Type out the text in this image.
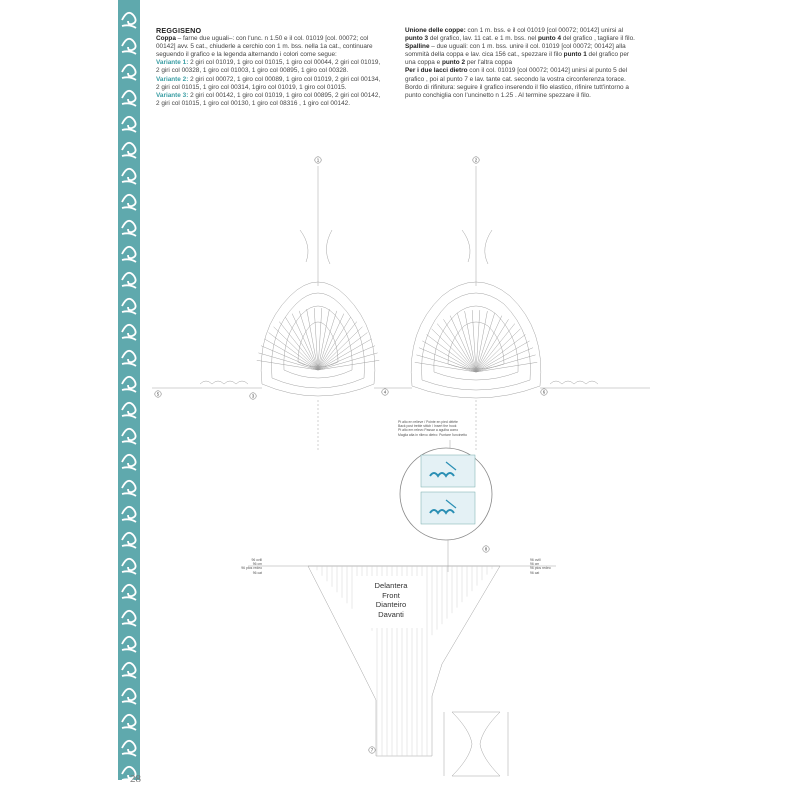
REGGISENO
Coppa – farne due uguali–: con l'unc. n 1.50 e il col. 01019 [col. 00072; col 00142] avv. 5 cat., chiuderle a cerchio con 1 m. bss. nella 1a cat., continuare seguendo il grafico e la legenda alternando i colori come segue:
Variante 1: 2 giri col 01019, 1 giro col 01015, 1 giro col 00044, 2 giri col 01019, 2 giri col 00328, 1 giro col 01003, 1 giro col 00895, 1 giro col 00328.
Variante 2: 2 giri col 00072, 1 giro col 00089, 1 giro col 01019, 2 giri col 00134, 2 giri col 01015, 1 giro col 00314, 1giro col 01019, 1 giro col 01015.
Variante 3: 2 giri col 00142, 1 giro col 01019, 1 giro col 00895, 2 giri col 00142, 2 giri col 01015, 1 giro col 00130, 1 giro col 08316 , 1 giro col 00142.
Unione delle coppe: con 1 m. bss. e il col 01019 [col 00072; 00142] unirsi al punto 3 del grafico, lav. 11 cat. e 1 m. bss. nel punto 4 del grafico , tagliare il filo.
Spalline – due uguali: con 1 m. bss. unire il col. 01019 [col 00072; 00142] alla sommità della coppa e lav. cica 156 cat., spezzare il filo punto 1 del grafico per una coppa e punto 2 per l'altra coppa
Per i due lacci dietro con il col. 01019 [col 00072; 00142] unirsi al punto 5 del grafico , poi al punto 7 e lav. tante cat. secondo la vostra circonferenza torace.
Bordo di rifinitura: seguire il grafico inserendo il filo elastico, rifinire tutt'intorno a punto conchiglia con l'uncinetto n 1.25 . Al termine spezzare il filo.
1	2
3
4
5	6
7
8
Delantera
Front
Dianteiro
Davanti
Pt alto en relieve / Pointe en pied déléte
Back post treble stitch / Insert the hook
Pt alto em relevo Passar a agulha como
Maglia alta in rilievo dietro: Puntare l'uncinetto
96 ovill
96 cm
96 ptos redeo
96 cat
96 ovill
96 cm
96 ptos redeo
96 cat
28
